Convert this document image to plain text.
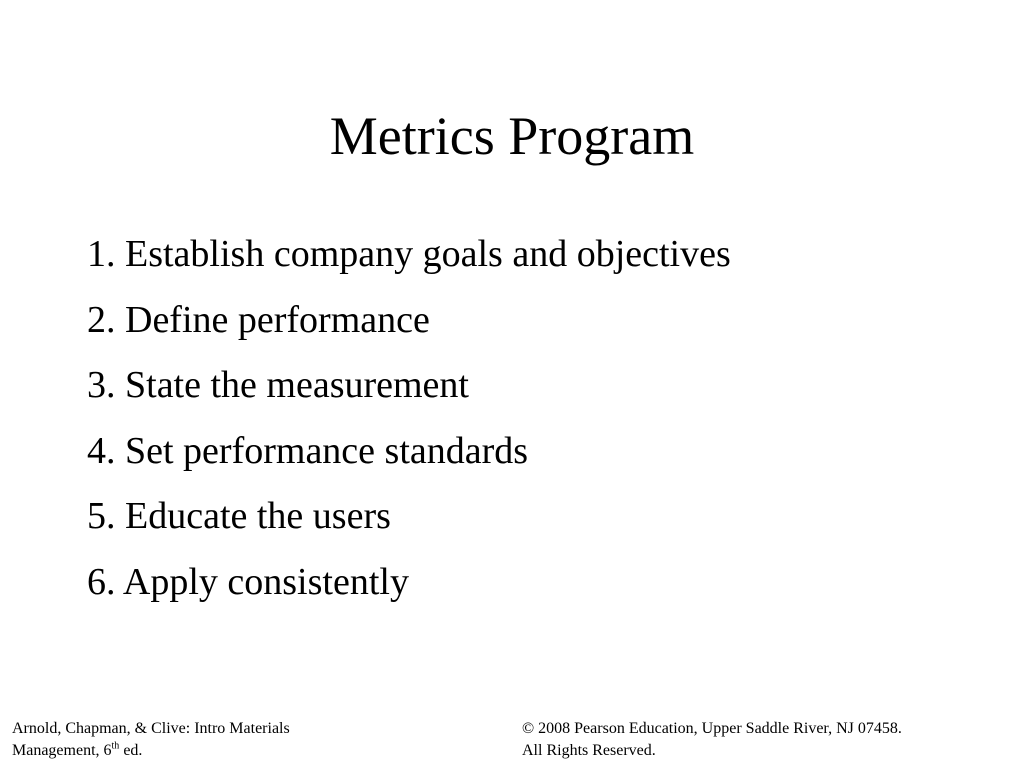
Metrics Program
1. Establish company goals and objectives
2. Define performance
3. State the measurement
4. Set performance standards
5. Educate the users
6. Apply consistently
Arnold, Chapman, & Clive: Intro Materials
Management, 6th ed.
© 2008 Pearson Education, Upper Saddle River, NJ 07458.
All Rights Reserved.
